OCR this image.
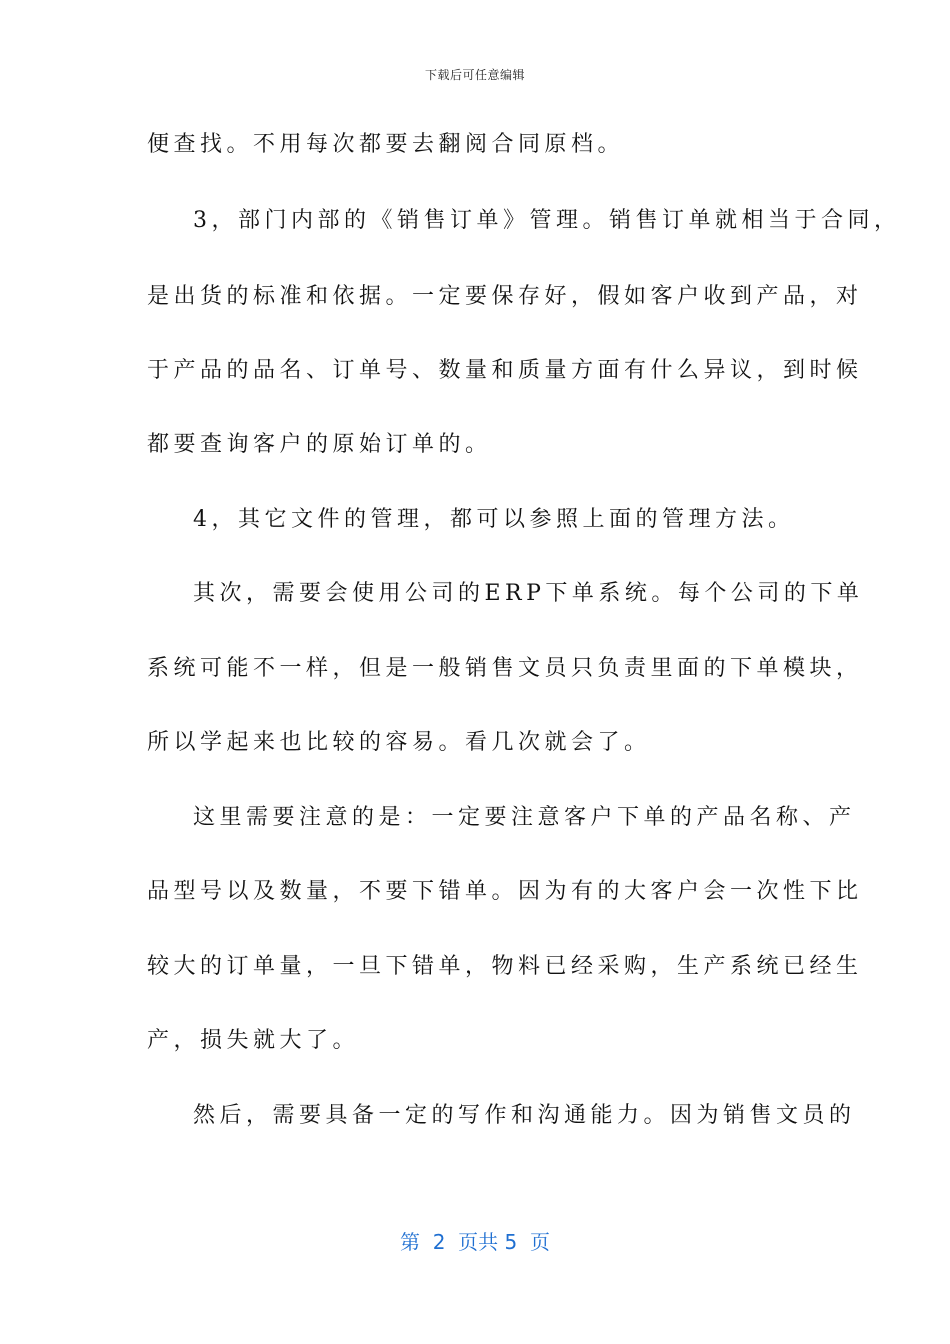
下载后可任意编辑
便查找。不用每次都要去翻阅合同原档。
3，部门内部的《销售订单》管理。销售订单就相当于合同，
是出货的标准和依据。一定要保存好，假如客户收到产品，对
于产品的品名、订单号、数量和质量方面有什么异议，到时候
都要查询客户的原始订单的。
4，其它文件的管理，都可以参照上面的管理方法。
其次，需要会使用公司的ERP下单系统。每个公司的下单
系统可能不一样，但是一般销售文员只负责里面的下单模块，
所以学起来也比较的容易。看几次就会了。
这里需要注意的是：一定要注意客户下单的产品名称、产
品型号以及数量，不要下错单。因为有的大客户会一次性下比
较大的订单量，一旦下错单，物料已经采购，生产系统已经生
产，损失就大了。
然后，需要具备一定的写作和沟通能力。因为销售文员的
第  2  页共 5  页
